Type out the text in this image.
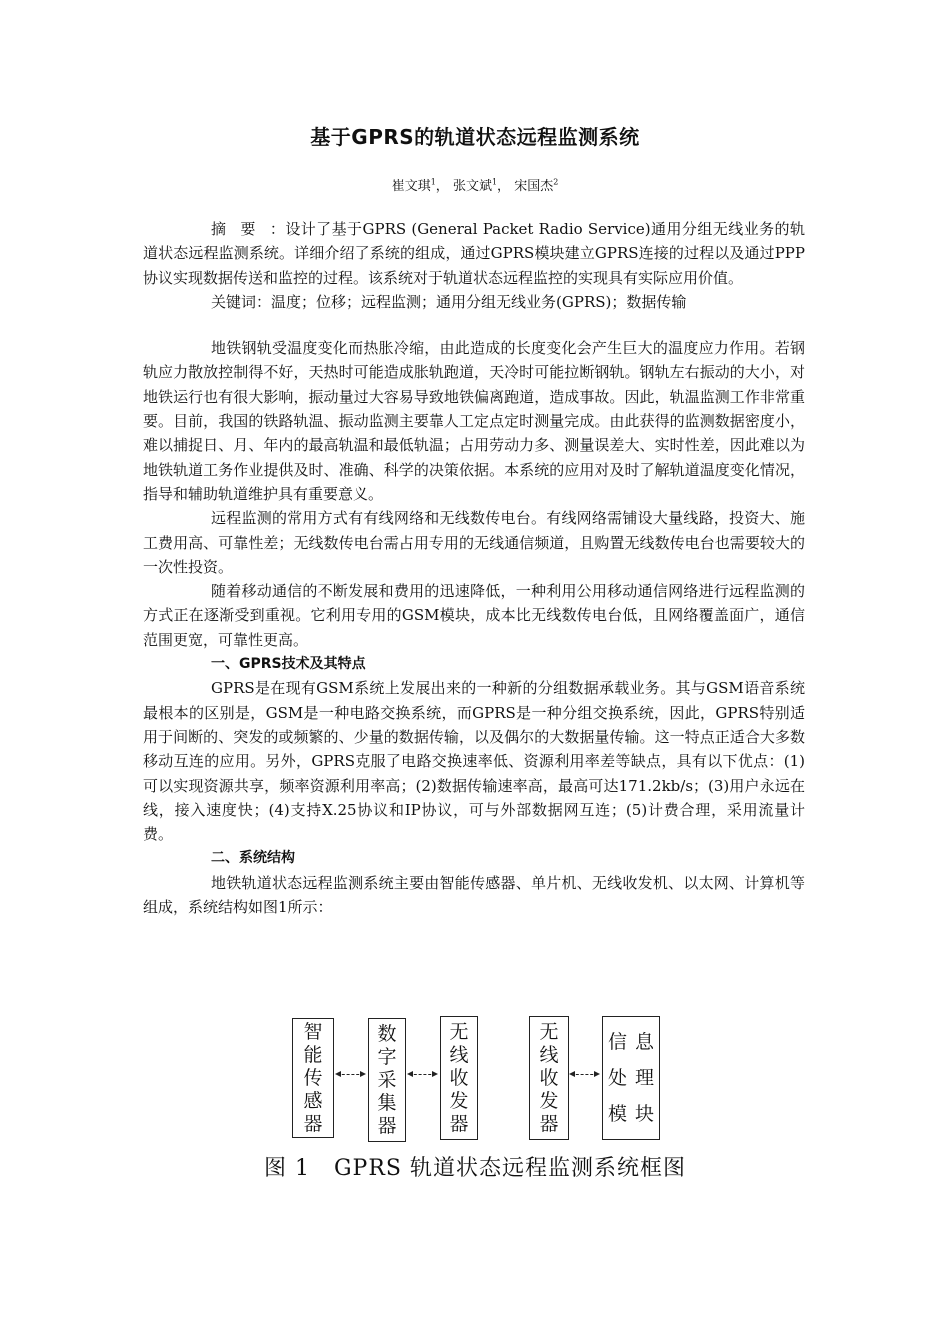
基于GPRS的轨道状态远程监测系统
崔文琪$^1$， 张文斌$^1$， 宋国杰$^2$

摘要：设计了基于GPRS (General Packet Radio Service)通用分组无线业务的轨道状态远程监测系统。详细介绍了系统的组成，通过GPRS模块建立GPRS连接的过程以及通过PPP协议实现数据传送和监控的过程。该系统对于轨道状态远程监控的实现具有实际应用价值。

关键词：温度；位移；远程监测；通用分组无线业务(GPRS)；数据传输

地铁钢轨受温度变化而热胀冷缩，由此造成的长度变化会产生巨大的温度应力作用。若钢轨应力散放控制得不好，天热时可能造成胀轨跑道，天冷时可能拉断钢轨。钢轨左右振动的大小，对地铁运行也有很大影响，振动量过大容易导致地铁偏离跑道，造成事故。因此，轨温监测工作非常重要。目前，我国的铁路轨温、振动监测主要靠人工定点定时测量完成。由此获得的监测数据密度小，难以捕捉日、月、年内的最高轨温和最低轨温；占用劳动力多、测量误差大、实时性差，因此难以为地铁轨道工务作业提供及时、准确、科学的决策依据。本系统的应用对及时了解轨道温度变化情况，指导和辅助轨道维护具有重要意义。

远程监测的常用方式有有线网络和无线数传电台。有线网络需铺设大量线路，投资大、施工费用高、可靠性差；无线数传电台需占用专用的无线通信频道，且购置无线数传电台也需要较大的一次性投资。

随着移动通信的不断发展和费用的迅速降低，一种利用公用移动通信网络进行远程监测的方式正在逐渐受到重视。它利用专用的GSM模块，成本比无线数传电台低，且网络覆盖面广，通信范围更宽，可靠性更高。

一、GPRS技术及其特点

GPRS是在现有GSM系统上发展出来的一种新的分组数据承载业务。其与GSM语音系统最根本的区别是，GSM是一种电路交换系统，而GPRS是一种分组交换系统，因此，GPRS特别适用于间断的、突发的或频繁的、少量的数据传输，以及偶尔的大数据量传输。这一特点正适合大多数移动互连的应用。另外，GPRS克服了电路交换速率低、资源利用率差等缺点，具有以下优点：(1)可以实现资源共享，频率资源利用率高；(2)数据传输速率高，最高可达171.2kb/s；(3)用户永远在线，接入速度快；(4)支持X.25协议和IP协议，可与外部数据网互连；(5)计费合理，采用流量计费。

二、系统结构

地铁轨道状态远程监测系统主要由智能传感器、单片机、无线收发机、以太网、计算机等组成，系统结构如图1所示：

智
能
传
感
器
数
字
采
集
器
无
线
收
发
器
无
线
收
发
器
信
处
模
息
理
块
图 1 GPRS 轨道状态远程监测系统框图
